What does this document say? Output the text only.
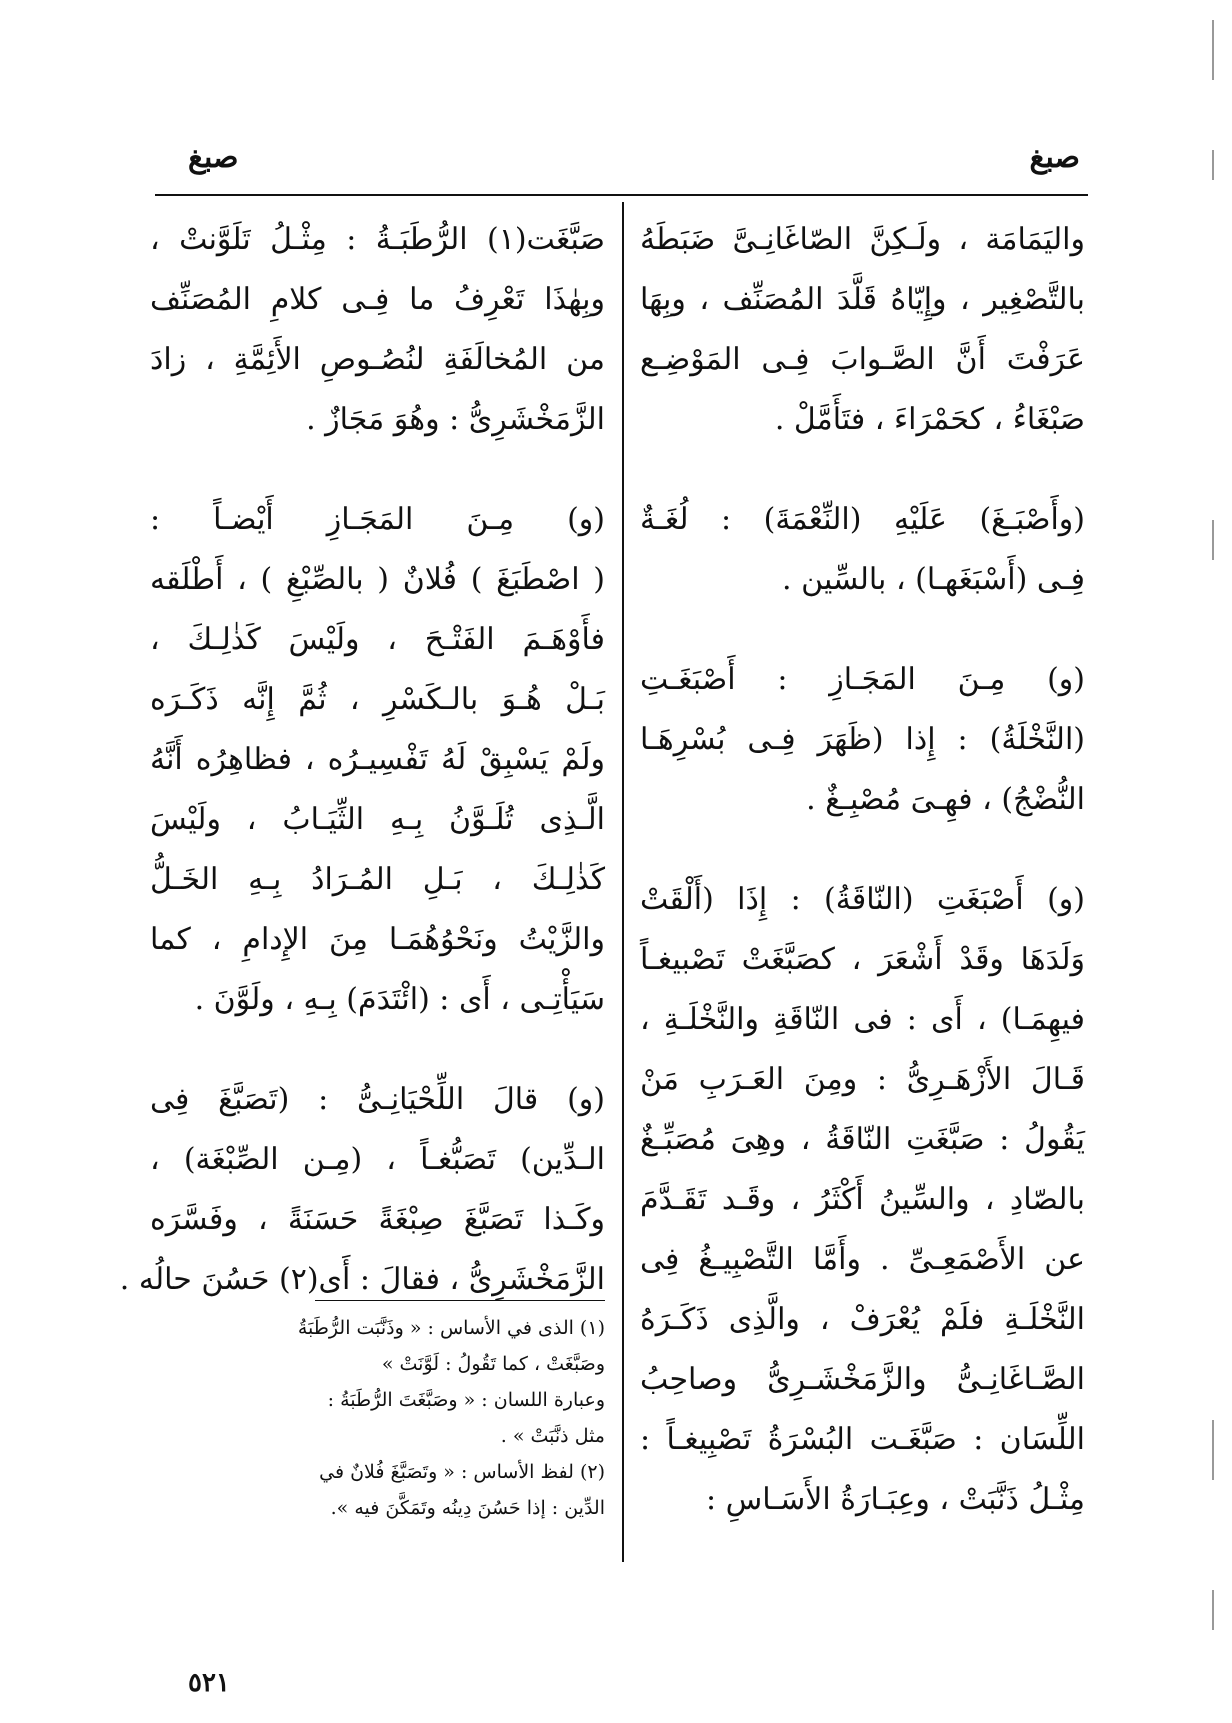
صبغ	صبغ
واليَمَامَة ، ولَـكِنَّ الصّاغَانِـىَّ ضَبَطَهُ
بالتَّصْغِير ، وإِيّاهُ قَلَّدَ المُصَنِّف ، وبِهَا
عَرَفْتَ أَنَّ الصَّـوابَ فِـى المَوْضِـع
صَبْغَاءُ ، كحَمْرَاءَ ، فتَأَمَّلْ .
(وأَصْبَـغَ) عَلَيْهِ (النِّعْمَةَ) : لُغَـةٌ
فِـى (أَسْبَغَهـا) ، بالسِّين .
(و) مِـنَ المَجَـازِ : أَصْبَغَـتِ
(النَّخْلَةُ) : إِذا (ظَهَرَ فِـى بُسْرِهَـا
النُّضْجُ) ، فهِـىَ مُصْبِـغٌ .
(و) أَصْبَغَتِ (النّاقَةُ) : إِذَا (أَلْقَتْ
وَلَدَهَا وقَدْ أَشْعَرَ ، كصَبَّغَتْ تَصْبيغـاً
فيهِمَـا) ، أَى : فى النّاقَةِ والنَّخْلَـةِ ،
قَـالَ الأَزْهَـرِىُّ : ومِنَ العَـرَبِ مَنْ
يَقُولُ : صَبَّغَتِ النّاقَةُ ، وهِىَ مُصَبِّـغٌ
بالصّادِ ، والسِّينُ أَكْثَرُ ، وقَـد تَقَـدَّمَ
عن الأَصْمَعِـىِّ . وأَمَّا التَّصْبِيـغُ فِى
النَّخْلَـةِ فلَمْ يُعْرَفْ ، والَّذِى ذَكَـرَهُ
الصَّـاغَانِـىُّ والزَّمَخْشَـرِىُّ وصاحِبُ
اللِّسَان : صَبَّغَـت البُسْرَةُ تَصْبِيغـاً :
مِثْـلُ ذَنَّبَتْ ، وعِبَـارَةُ الأَسَـاسِ :
صَبَّغَت(١) الرُّطَبَـةُ : مِثْـلُ تَلَوَّنتْ ،
وبِهٰذَا تَعْرِفُ ما فِـى كلامِ المُصَنِّف
من المُخالَفَةِ لنُصُـوصِ الأَئِمَّةِ ، زادَ
الزَّمَخْشَرِىُّ : وهُوَ مَجَازٌ .
(و) مِـنَ المَجَـازِ أَيْضـاً :
( اصْطَبَغَ ) فُلانٌ ( بالصِّبْغِ ) ، أَطْلَقه
فأَوْهَـمَ الفَتْـحَ ، ولَيْسَ كَذٰلِـكَ ،
بَـلْ هُـوَ بالـكَسْرِ ، ثُمَّ إِنَّه ذَكَـرَه
ولَمْ يَسْبِقْ لَهُ تَفْسِيـرُه ، فظاهِرُه أَنَّهُ
الَّـذِى تُلَـوَّنُ بِـهِ الثِّيَـابُ ، ولَيْسَ
كَذٰلِـكَ ، بَـلِ المُـرَادُ بِـهِ الخَـلُّ
والزَّيْتُ ونَحْوُهُمَـا مِنَ الإِدامِ ، كما
سَيَأْتِـى ، أَى : (ائْتَدَمَ) بِـهِ ، ولَوَّنَ .
(و) قالَ اللِّحْيَانِـىُّ : (تَصَبَّغَ فِى
الـدِّين) تَصَبُّغـاً ، (مِـن الصِّبْغَة) ،
وكَـذا تَصَبَّغَ صِبْغَةً حَسَنَةً ، وفَسَّرَه
الزَّمَخْشَرِىُّ ، فقالَ : أَى(٢) حَسُنَ حالُه .
(١) الذى في الأساس : « وذَنَّبَت الرُّطَبَةُ
وصَبَّغَتْ ، كما تَقُولُ : لَوَّنَتْ »
وعبارة اللسان : « وصَبَّغَتَ الرُّطَبَةُ :
مثل ذنَّبَتْ » .
(٢) لفظ الأساس : « وتَصَبَّغَ فُلانٌ في
الدِّين : إذا حَسُنَ دِينُه وتَمَكَّنَ فيه ».
٥٢١
